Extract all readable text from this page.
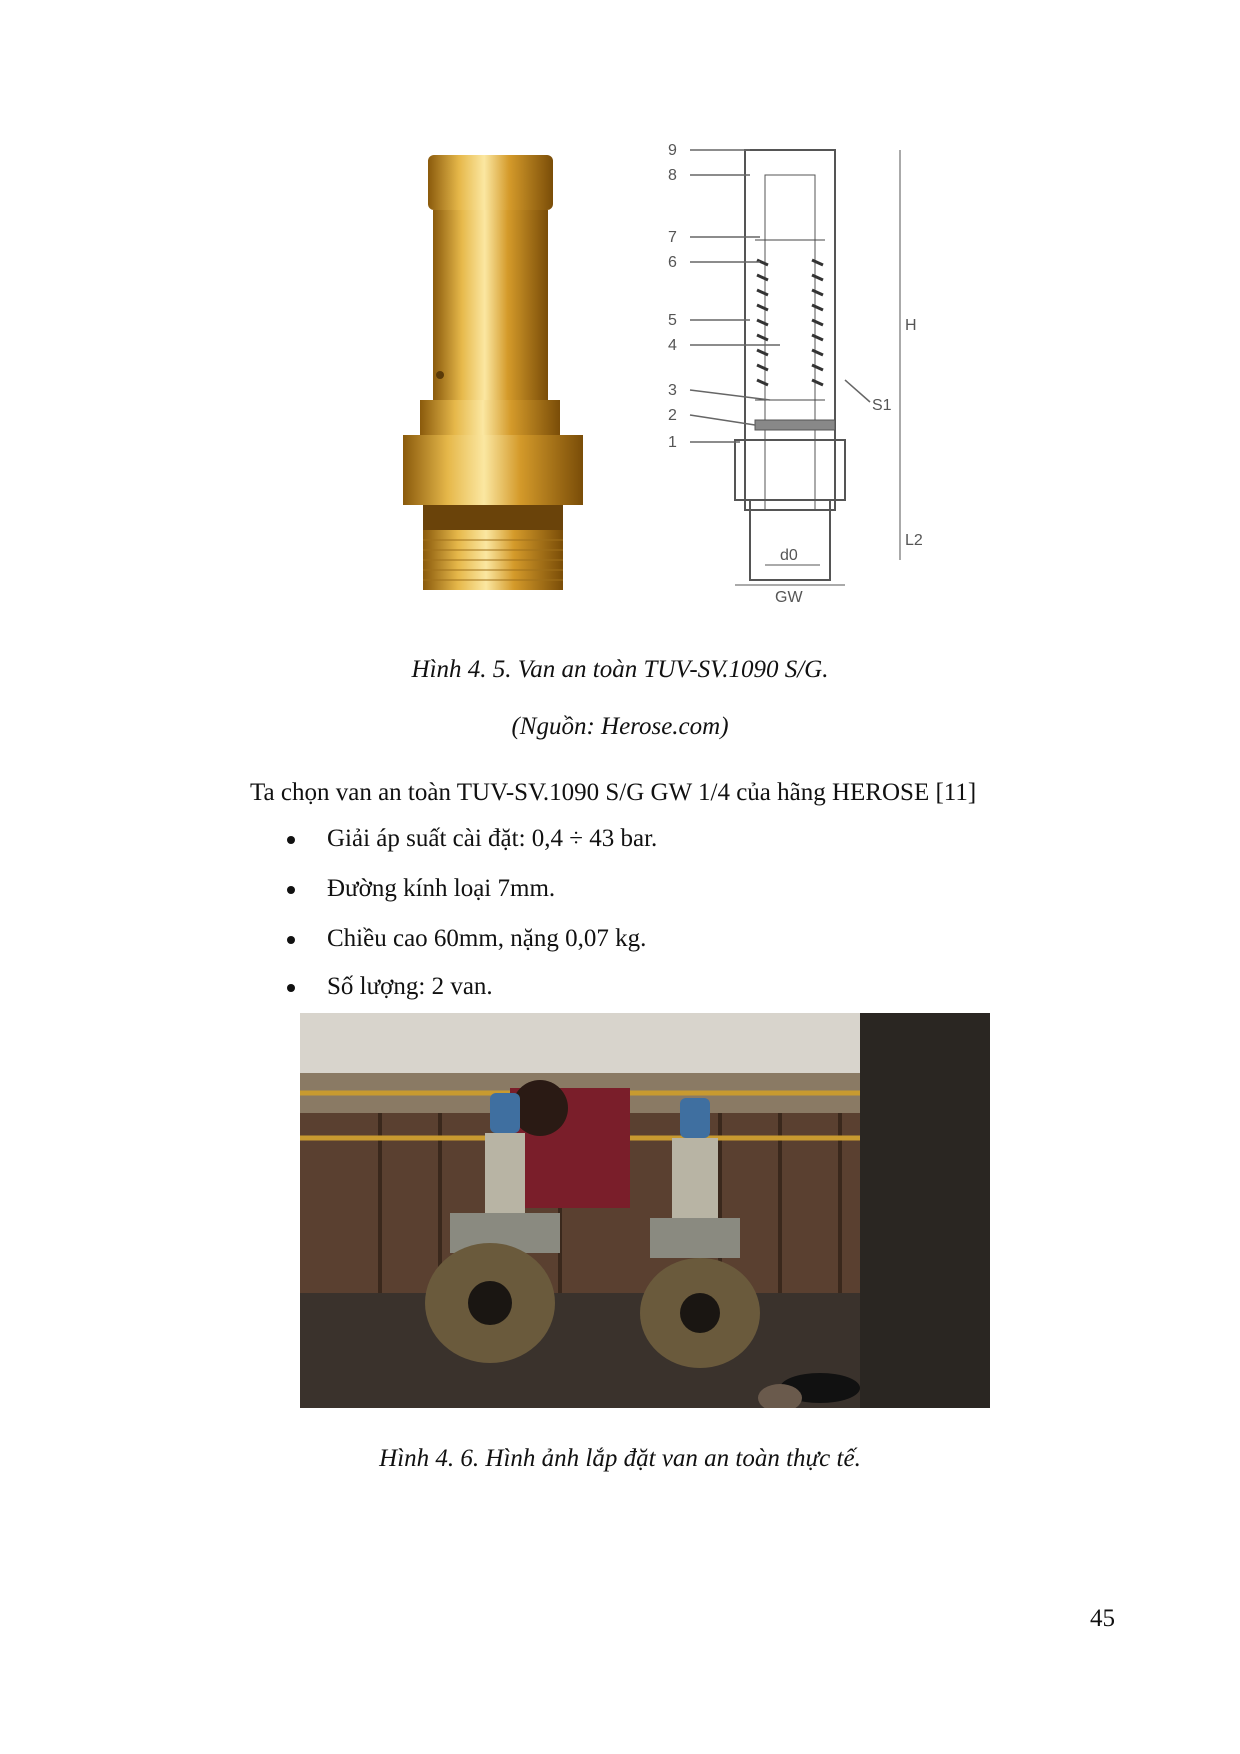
9
8
7
6
5
4
3
2
1
H
S1
L2
d0
GW
Hình 4. 5. Van an toàn TUV-SV.1090 S/G.
(Nguồn: Herose.com)
Ta chọn van an toàn TUV-SV.1090 S/G GW 1/4 của hãng HEROSE [11]
Giải áp suất cài đặt: 0,4 ÷ 43 bar.
Đường kính loại 7mm.
Chiều cao 60mm, nặng 0,07 kg.
Số lượng: 2 van.
Hình 4. 6. Hình ảnh lắp đặt van an toàn thực tế.
45
